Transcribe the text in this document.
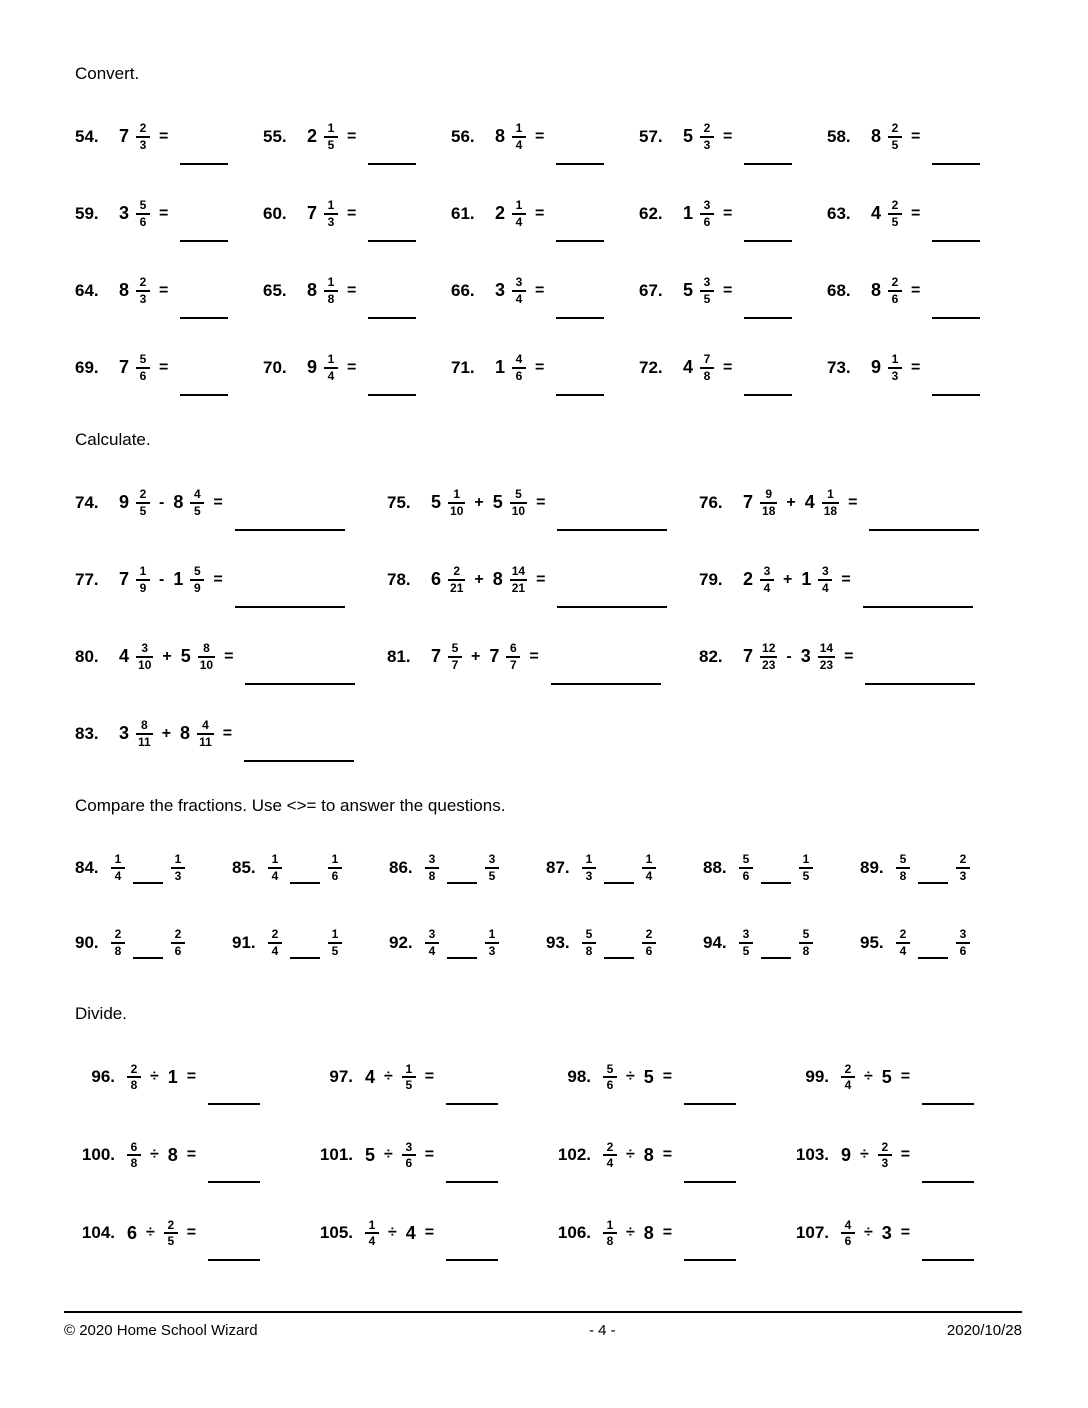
Convert.
54.	$7 \frac{2}{3}$ =	55.	$2 \frac{1}{5}$ =	56.	$8 \frac{1}{4}$ =	57.	$5 \frac{2}{3}$ =	58.	$8 \frac{2}{5}$ =
59.	$3 \frac{5}{6}$ =	60.	$7 \frac{1}{3}$ =	61.	$2 \frac{1}{4}$ =	62.	$1 \frac{3}{6}$ =	63.	$4 \frac{2}{5}$ =
64.	$8 \frac{2}{3}$ =	65.	$8 \frac{1}{8}$ =	66.	$3 \frac{3}{4}$ =	67.	$5 \frac{3}{5}$ =	68.	$8 \frac{2}{6}$ =
69.	$7 \frac{5}{6}$ =	70.	$9 \frac{1}{4}$ =	71.	$1 \frac{4}{6}$ =	72.	$4 \frac{7}{8}$ =	73.	$9 \frac{1}{3}$ =
Calculate.
74.	$9 \frac{2}{5} - 8 \frac{4}{5}$ =	75.	$5 \frac{1}{10} + 5 \frac{5}{10}$ =	76.	$7 \frac{9}{18} + 4 \frac{1}{18}$ =
77.	$7 \frac{1}{9} - 1 \frac{5}{9}$ =	78.	$6 \frac{2}{21} + 8 \frac{14}{21}$ =	79.	$2 \frac{3}{4} + 1 \frac{3}{4}$ =
80.	$4 \frac{3}{10} + 5 \frac{8}{10}$ =	81.	$7 \frac{5}{7} + 7 \frac{6}{7}$ =	82.	$7 \frac{12}{23} - 3 \frac{14}{23}$ =
83.	$3 \frac{8}{11} + 8 \frac{4}{11}$ =
Compare the fractions. Use <>= to answer the questions.
84.	$\frac{1}{4}$	$\frac{1}{3}$	85.	$\frac{1}{4}$	$\frac{1}{6}$	86.	$\frac{3}{8}$	$\frac{3}{5}$	87.	$\frac{1}{3}$	$\frac{1}{4}$	88.	$\frac{5}{6}$	$\frac{1}{5}$	89.	$\frac{5}{8}$	$\frac{2}{3}$
90.	$\frac{2}{8}$	$\frac{2}{6}$	91.	$\frac{2}{4}$	$\frac{1}{5}$	92.	$\frac{3}{4}$	$\frac{1}{3}$	93.	$\frac{5}{8}$	$\frac{2}{6}$	94.	$\frac{3}{5}$	$\frac{5}{8}$	95.	$\frac{2}{4}$	$\frac{3}{6}$
Divide.
96. $\frac{2}{8} \div 1$ =	97. $4 \div \frac{1}{5}$ =	98. $\frac{5}{6} \div 5$ =	99. $\frac{2}{4} \div 5$ =
100. $\frac{6}{8} \div 8$ =	101. $5 \div \frac{3}{6}$ =	102. $\frac{2}{4} \div 8$ =	103. $9 \div \frac{2}{3}$ =
104. $6 \div \frac{2}{5}$ =	105. $\frac{1}{4} \div 4$ =	106. $\frac{1}{8} \div 8$ =	107. $\frac{4}{6} \div 3$ =
© 2020 Home School Wizard	- 4 -	2020/10/28
